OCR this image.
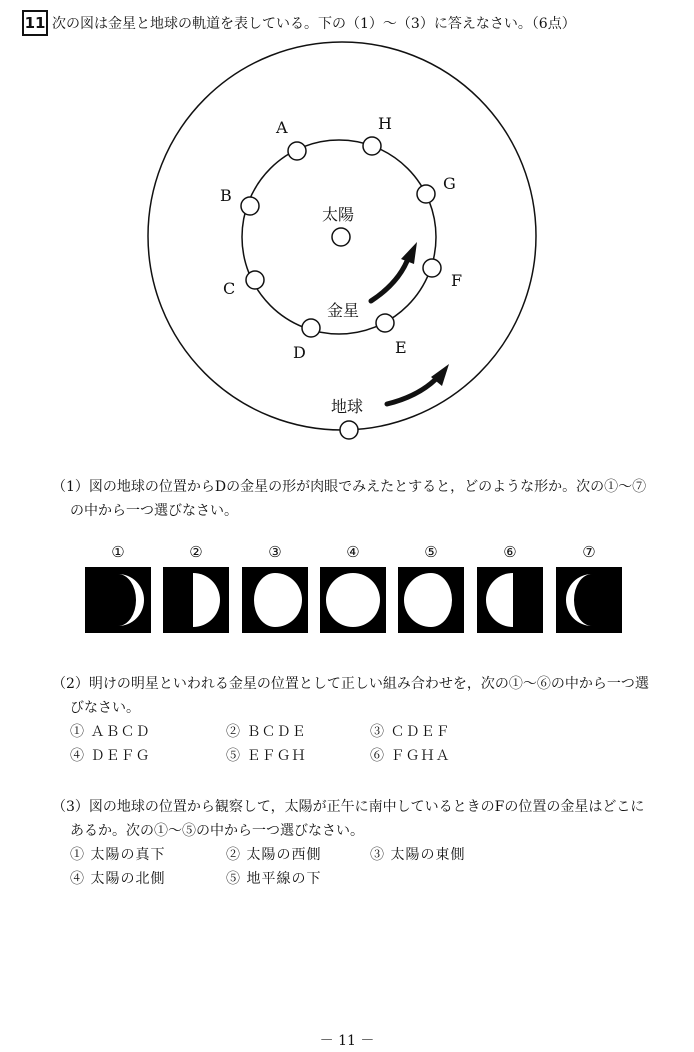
11 次の図は金星と地球の軌道を表している。下の（1）～（3）に答えなさい。（6点）
太陽
A
B
C
D	E
F
G
H
金星
地球
（1）図の地球の位置からDの金星の形が肉眼でみえたとすると，どのような形か。次の①～⑦
の中から一つ選びなさい。
①	②	③	④	⑤	⑥	⑦
（2）明けの明星といわれる金星の位置として正しい組み合わせを，次の①～⑥の中から一つ選
びなさい。
① ＡＢＣＤ	② ＢＣＤＥ	③ ＣＤＥＦ
④ ＤＥＦＧ	⑤ ＥＦＧＨ	⑥ ＦＧＨＡ
（3）図の地球の位置から観察して，太陽が正午に南中しているときのFの位置の金星はどこに
あるか。次の①～⑤の中から一つ選びなさい。
① 太陽の真下	② 太陽の西側	③ 太陽の東側
④ 太陽の北側	⑤ 地平線の下
－ 11 －
